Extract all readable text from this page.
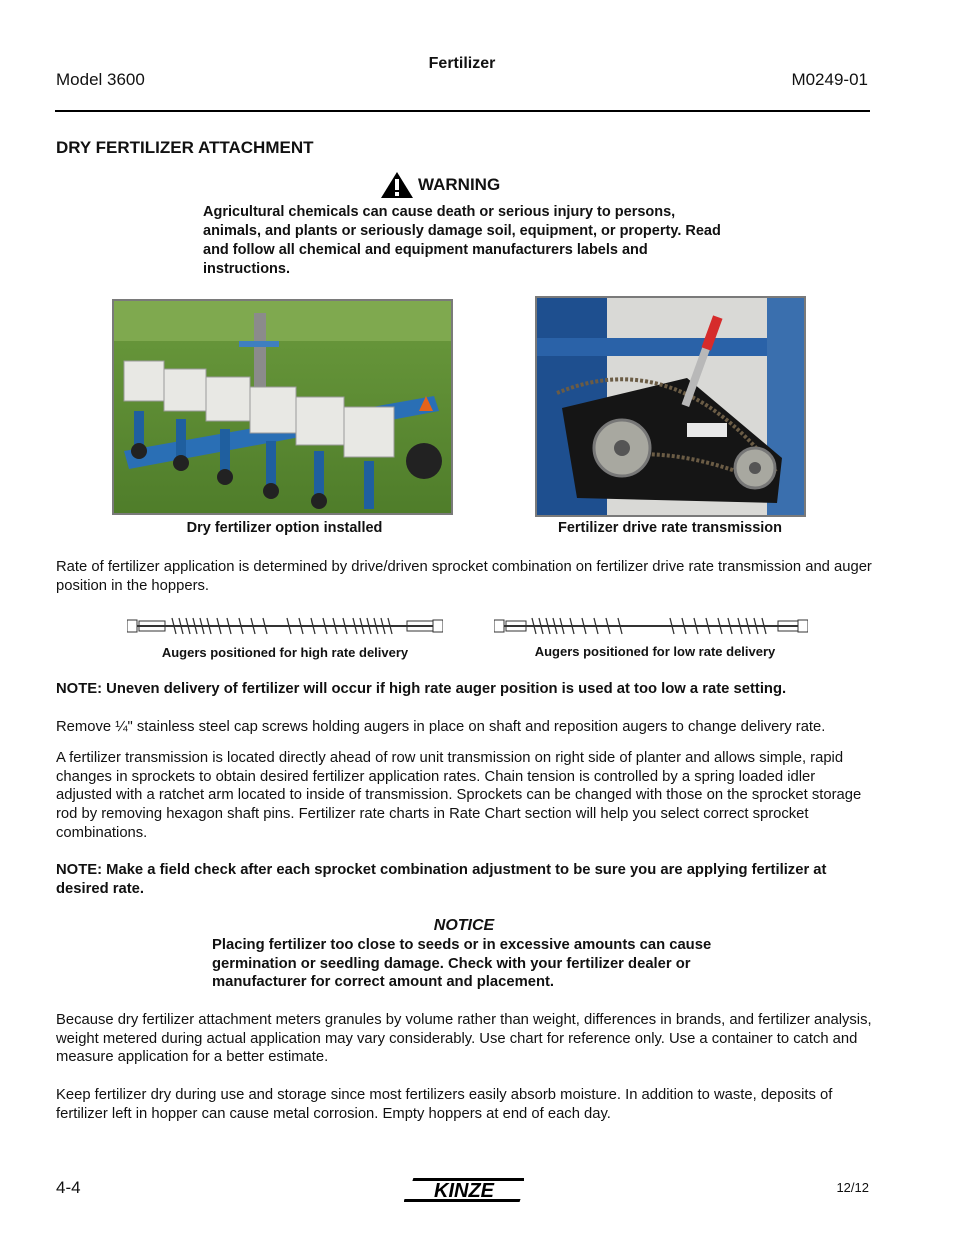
Fertilizer
Model 3600	M0249-01
DRY FERTILIZER ATTACHMENT
WARNING
Agricultural chemicals can cause death or serious injury to persons, animals, and plants or seriously damage soil, equipment, or property. Read and follow all chemical and equipment manufacturers labels and instructions.
Dry fertilizer option installed	Fertilizer drive rate transmission
Rate of fertilizer application is determined by drive/driven sprocket combination on fertilizer drive rate transmission and auger position in the hoppers.
Augers positioned for high rate delivery	Augers positioned for low rate delivery
NOTE: Uneven delivery of fertilizer will occur if high rate auger position is used at too low a rate setting.
Remove ¼" stainless steel cap screws holding augers in place on shaft and reposition augers to change delivery rate.
A fertilizer transmission is located directly ahead of row unit transmission on right side of planter and allows simple, rapid changes in sprockets to obtain desired fertilizer application rates. Chain tension is controlled by a spring loaded idler adjusted with a ratchet arm located to inside of transmission. Sprockets can be changed with those on the sprocket storage rod by removing hexagon shaft pins. Fertilizer rate charts in Rate Chart section will help you select correct sprocket combinations.
NOTE: Make a field check after each sprocket combination adjustment to be sure you are applying fertilizer at desired rate.
NOTICE
Placing fertilizer too close to seeds or in excessive amounts can cause germination or seedling damage. Check with your fertilizer dealer or manufacturer for correct amount and placement.
Because dry fertilizer attachment meters granules by volume rather than weight, differences in brands, and fertilizer analysis, weight metered during actual application may vary considerably. Use chart for reference only. Use a container to catch and measure application for a better estimate.
Keep fertilizer dry during use and storage since most fertilizers easily absorb moisture. In addition to waste, deposits of fertilizer left in hopper can cause metal corrosion. Empty hoppers at end of each day.
4-4	KINZE	12/12
